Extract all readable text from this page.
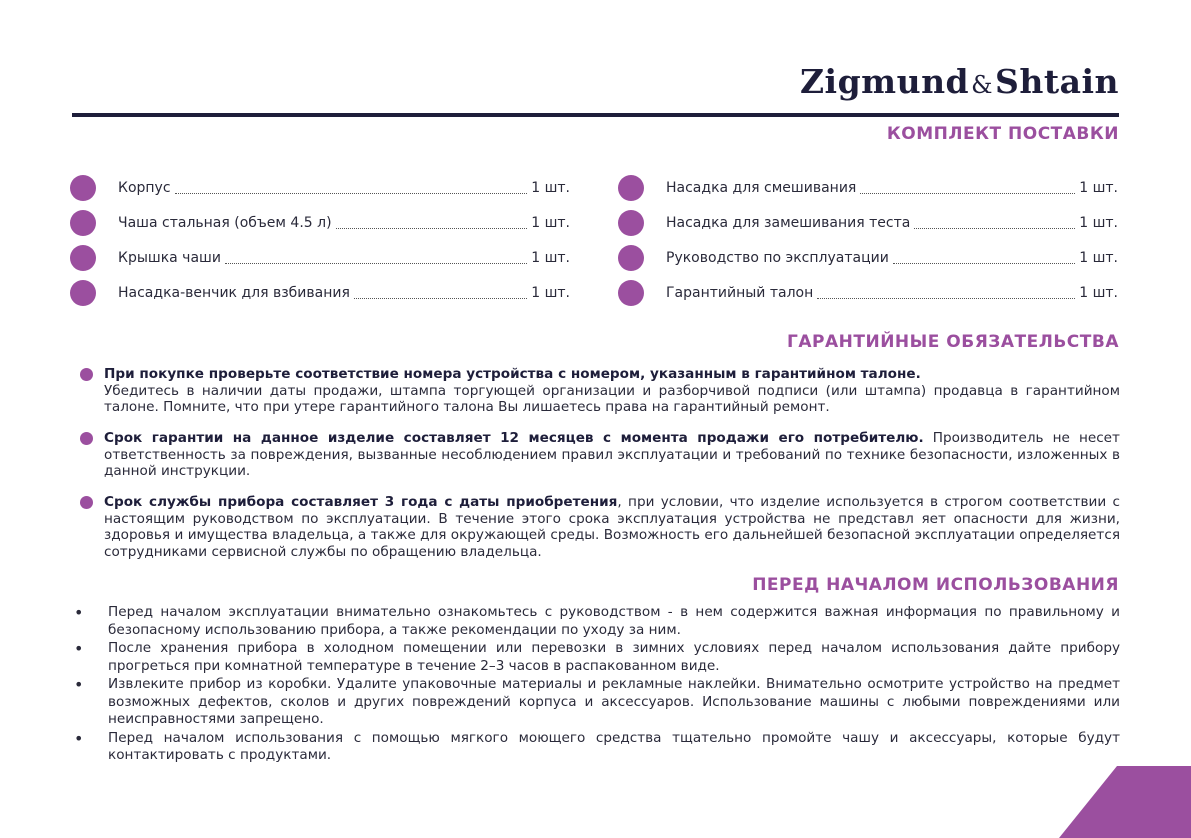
Zigmund&Shtain
КОМПЛЕКТ ПОСТАВКИ
Корпус	1 шт.
Чаша стальная (объем 4.5 л)	1 шт.
Крышка чаши	1 шт.
Насадка-венчик для взбивания	1 шт.
Насадка для смешивания	1 шт.
Насадка для замешивания теста	1 шт.
Руководство по эксплуатации	1 шт.
Гарантийный талон	1 шт.
ГАРАНТИЙНЫЕ ОБЯЗАТЕЛЬСТВА
При покупке проверьте соответствие номера устройства с номером, указанным в гарантийном талоне.
Убедитесь в наличии даты продажи, штампа торгующей организации и разборчивой подписи (или штампа) продавца в гарантийном талоне. Помните, что при утере гарантийного талона Вы лишаетесь права на гарантийный ремонт.
Срок гарантии на данное изделие составляет 12 месяцев с момента продажи его потребителю. Производитель не несет ответственность за повреждения, вызванные несоблюдением правил эксплуатации и требований по технике безопасности, изложенных в данной инструкции.
Срок службы прибора составляет 3 года с даты приобретения, при условии, что изделие используется в строгом соответствии с настоящим руководством по эксплуатации. В течение этого срока эксплуатация устройства не представл яет опасности для жизни, здоровья и имущества владельца, а также для окружающей среды. Возможность его дальнейшей безопасной эксплуатации определяется сотрудниками сервисной службы по обращению владельца.
ПЕРЕД НАЧАЛОМ ИСПОЛЬЗОВАНИЯ
• Перед началом эксплуатации внимательно ознакомьтесь с руководством - в нем содержится важная информация по правильному и безопасному использованию прибора, а также рекомендации по уходу за ним.
• После хранения прибора в холодном помещении или перевозки в зимних условиях перед началом использования дайте прибору прогреться при комнатной температуре в течение 2–3 часов в распакованном виде.
• Извлеките прибор из коробки. Удалите упаковочные материалы и рекламные наклейки. Внимательно осмотрите устройство на предмет возможных дефектов, сколов и других повреждений корпуса и аксессуаров. Использование машины с любыми повреждениями или неисправностями запрещено.
• Перед началом использования с помощью мягкого моющего средства тщательно промойте чашу и аксессуары, которые будут контактировать с продуктами.
